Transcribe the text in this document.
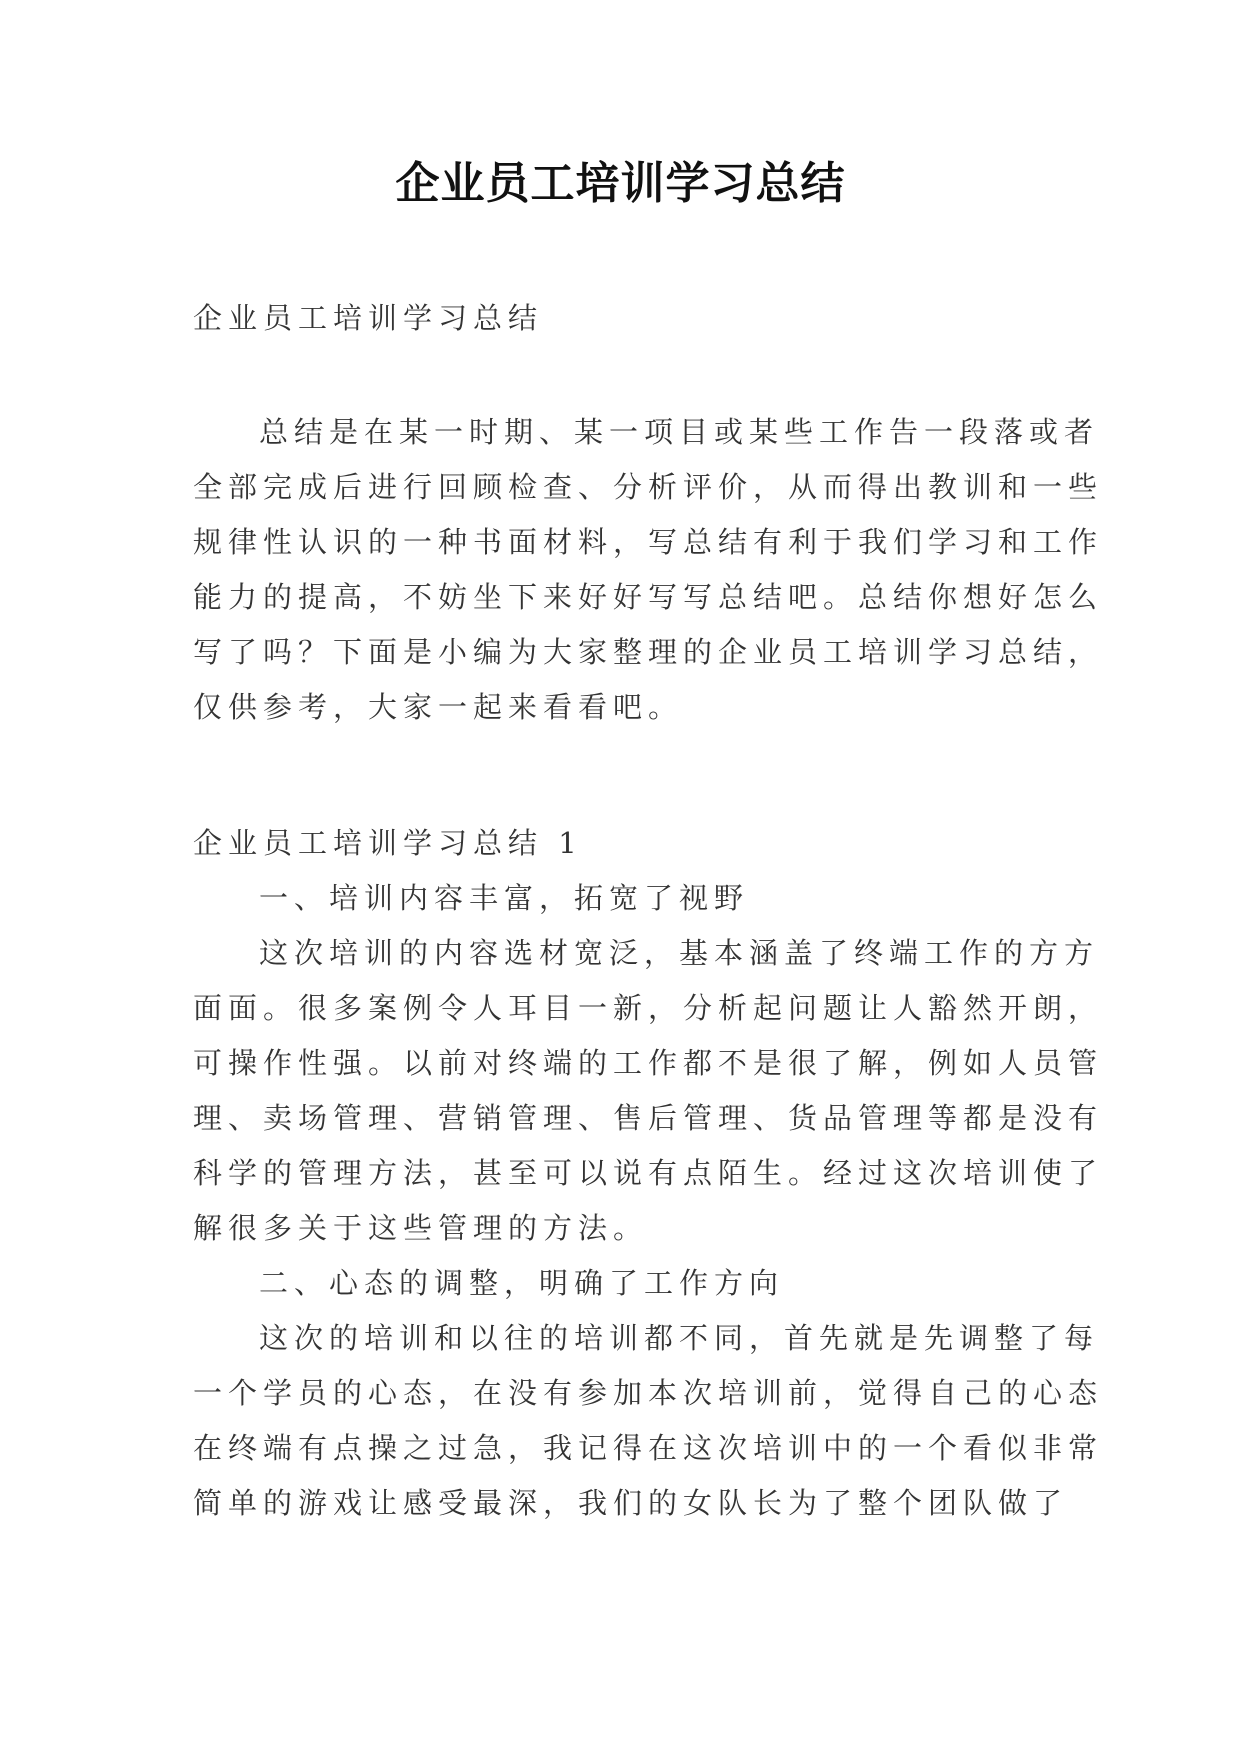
企业员工培训学习总结
企业员工培训学习总结
总结是在某一时期、某一项目或某些工作告一段落或者
全部完成后进行回顾检查、分析评价，从而得出教训和一些
规律性认识的一种书面材料，写总结有利于我们学习和工作
能力的提高，不妨坐下来好好写写总结吧。总结你想好怎么
写了吗？下面是小编为大家整理的企业员工培训学习总结，
仅供参考，大家一起来看看吧。
企业员工培训学习总结 1
一、培训内容丰富，拓宽了视野
这次培训的内容选材宽泛，基本涵盖了终端工作的方方
面面。很多案例令人耳目一新，分析起问题让人豁然开朗，
可操作性强。以前对终端的工作都不是很了解，例如人员管
理、卖场管理、营销管理、售后管理、货品管理等都是没有
科学的管理方法，甚至可以说有点陌生。经过这次培训使了
解很多关于这些管理的方法。
二、心态的调整，明确了工作方向
这次的培训和以往的培训都不同，首先就是先调整了每
一个学员的心态，在没有参加本次培训前，觉得自己的心态
在终端有点操之过急，我记得在这次培训中的一个看似非常
简单的游戏让感受最深，我们的女队长为了整个团队做了
